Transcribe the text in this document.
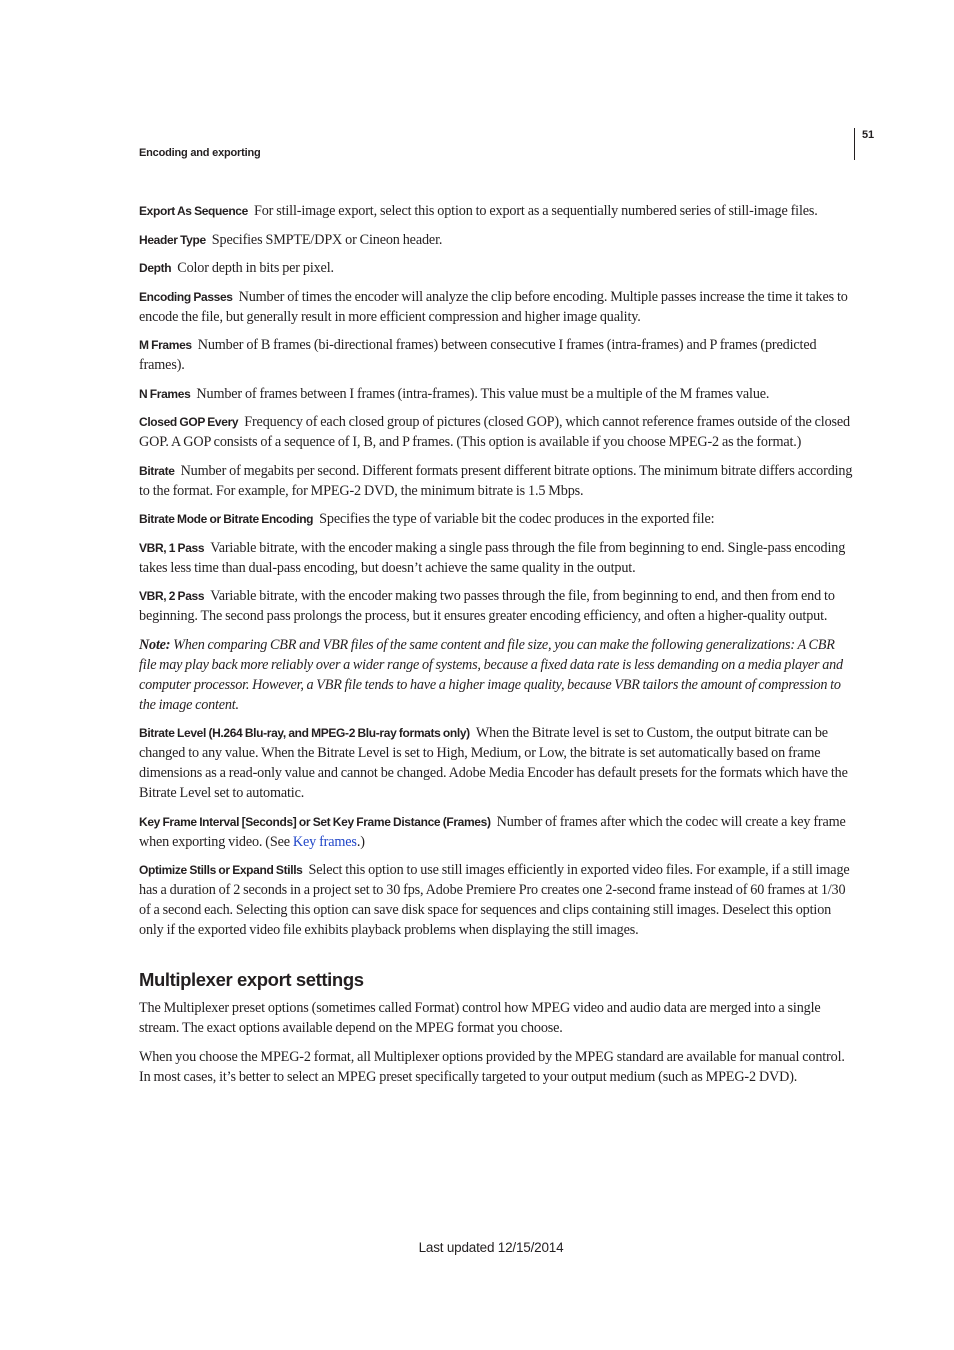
51
Encoding and exporting

Export As Sequence For still-image export, select this option to export as a sequentially numbered series of still-image files.

Header Type Specifies SMPTE/DPX or Cineon header.

Depth Color depth in bits per pixel.

Encoding Passes Number of times the encoder will analyze the clip before encoding. Multiple passes increase the time it takes to encode the file, but generally result in more efficient compression and higher image quality.

M Frames Number of B frames (bi-directional frames) between consecutive I frames (intra-frames) and P frames (predicted frames).

N Frames Number of frames between I frames (intra-frames). This value must be a multiple of the M frames value.

Closed GOP Every Frequency of each closed group of pictures (closed GOP), which cannot reference frames outside of the closed GOP. A GOP consists of a sequence of I, B, and P frames. (This option is available if you choose MPEG-2 as the format.)

Bitrate Number of megabits per second. Different formats present different bitrate options. The minimum bitrate differs according to the format. For example, for MPEG-2 DVD, the minimum bitrate is 1.5 Mbps.

Bitrate Mode or Bitrate Encoding Specifies the type of variable bit the codec produces in the exported file:

VBR, 1 Pass Variable bitrate, with the encoder making a single pass through the file from beginning to end. Single-pass encoding takes less time than dual-pass encoding, but doesn’t achieve the same quality in the output.

VBR, 2 Pass Variable bitrate, with the encoder making two passes through the file, from beginning to end, and then from end to beginning. The second pass prolongs the process, but it ensures greater encoding efficiency, and often a higher-quality output.

Note: When comparing CBR and VBR files of the same content and file size, you can make the following generalizations: A CBR file may play back more reliably over a wider range of systems, because a fixed data rate is less demanding on a media player and computer processor. However, a VBR file tends to have a higher image quality, because VBR tailors the amount of compression to the image content.

Bitrate Level (H.264 Blu-ray, and MPEG-2 Blu-ray formats only) When the Bitrate level is set to Custom, the output bitrate can be changed to any value. When the Bitrate Level is set to High, Medium, or Low, the bitrate is set automatically based on frame dimensions as a read-only value and cannot be changed. Adobe Media Encoder has default presets for the formats which have the Bitrate Level set to automatic.

Key Frame Interval [Seconds] or Set Key Frame Distance (Frames) Number of frames after which the codec will create a key frame when exporting video. (See Key frames.)

Optimize Stills or Expand Stills Select this option to use still images efficiently in exported video files. For example, if a still image has a duration of 2 seconds in a project set to 30 fps, Adobe Premiere Pro creates one 2-second frame instead of 60 frames at 1/30 of a second each. Selecting this option can save disk space for sequences and clips containing still images. Deselect this option only if the exported video file exhibits playback problems when displaying the still images.

Multiplexer export settings

The Multiplexer preset options (sometimes called Format) control how MPEG video and audio data are merged into a single stream. The exact options available depend on the MPEG format you choose.

When you choose the MPEG-2 format, all Multiplexer options provided by the MPEG standard are available for manual control. In most cases, it’s better to select an MPEG preset specifically targeted to your output medium (such as MPEG-2 DVD).

Last updated 12/15/2014
